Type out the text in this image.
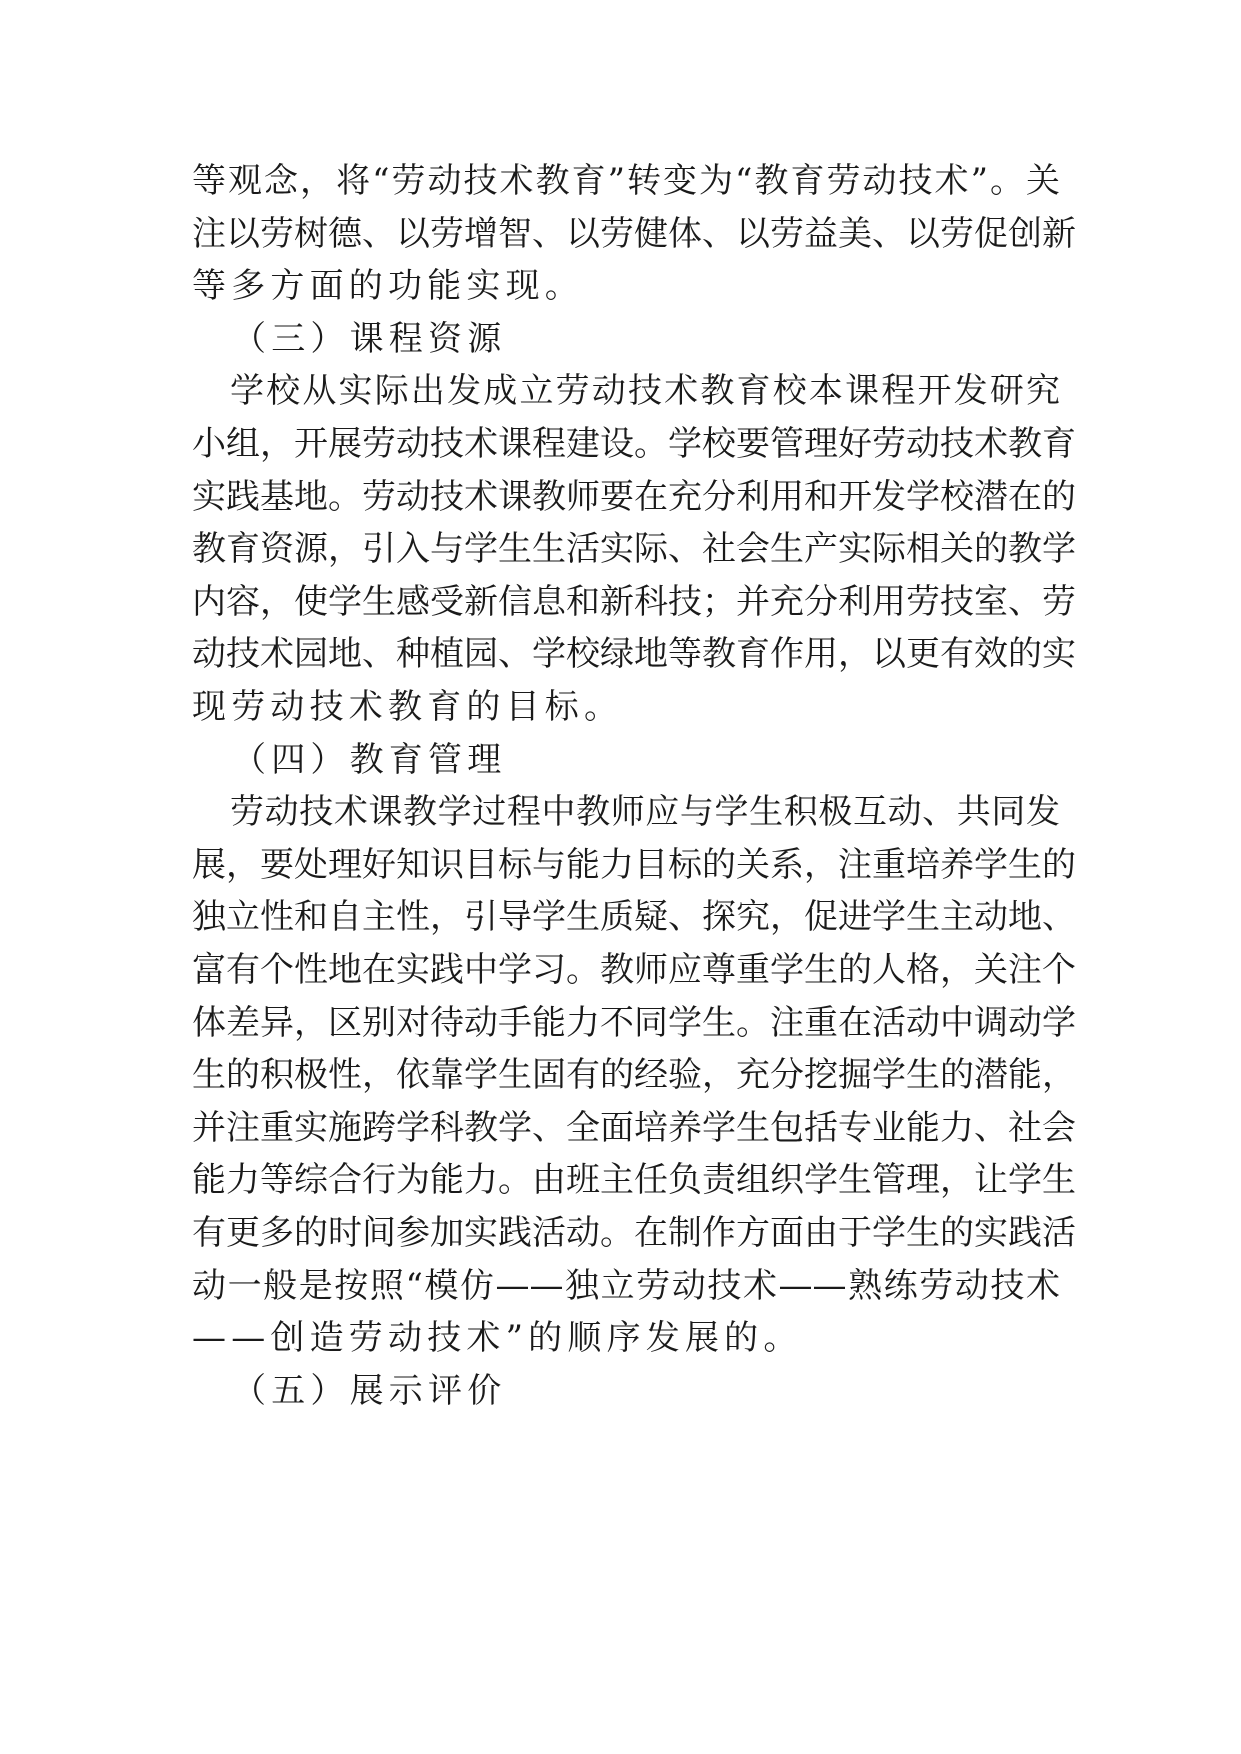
等观念，将“劳动技术教育”转变为“教育劳动技术”。关
注以劳树德、以劳增智、以劳健体、以劳益美、以劳促创新
等多方面的功能实现。
（三）课程资源
学校从实际出发成立劳动技术教育校本课程开发研究
小组，开展劳动技术课程建设。学校要管理好劳动技术教育
实践基地。劳动技术课教师要在充分利用和开发学校潜在的
教育资源，引入与学生生活实际、社会生产实际相关的教学
内容，使学生感受新信息和新科技；并充分利用劳技室、劳
动技术园地、种植园、学校绿地等教育作用，以更有效的实
现劳动技术教育的目标。
（四）教育管理
劳动技术课教学过程中教师应与学生积极互动、共同发
展，要处理好知识目标与能力目标的关系，注重培养学生的
独立性和自主性，引导学生质疑、探究，促进学生主动地、
富有个性地在实践中学习。教师应尊重学生的人格，关注个
体差异，区别对待动手能力不同学生。注重在活动中调动学
生的积极性，依靠学生固有的经验，充分挖掘学生的潜能，
并注重实施跨学科教学、全面培养学生包括专业能力、社会
能力等综合行为能力。由班主任负责组织学生管理，让学生
有更多的时间参加实践活动。在制作方面由于学生的实践活
动一般是按照“模仿——独立劳动技术——熟练劳动技术
——创造劳动技术”的顺序发展的。
（五）展示评价
